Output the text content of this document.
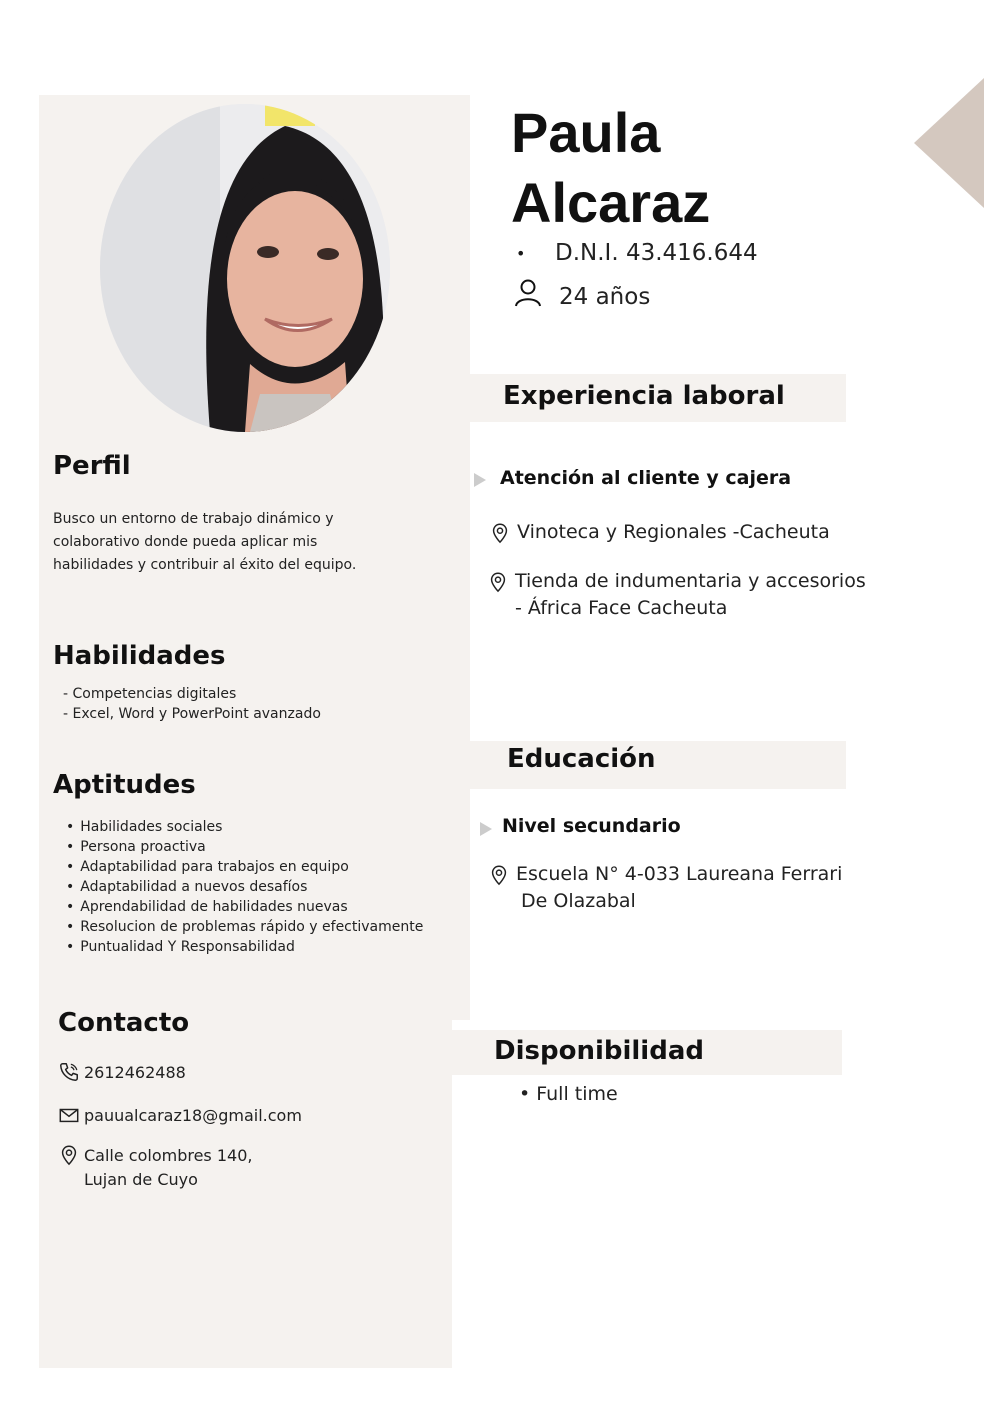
Paula
Alcaraz
• D.N.I. 43.416.644
24 años
Perfil
Busco un entorno de trabajo dinámico y colaborativo donde pueda aplicar mis habilidades y contribuir al éxito del equipo.
Habilidades
- Competencias digitales
- Excel, Word y PowerPoint avanzado
Aptitudes
• Habilidades sociales
• Persona proactiva
• Adaptabilidad para trabajos en equipo
• Adaptabilidad a nuevos desafíos
• Aprendabilidad de habilidades nuevas
• Resolucion de problemas rápido y efectivamente
• Puntualidad Y Responsabilidad
Contacto
2612462488
pauualcaraz18@gmail.com
Calle colombres 140,
Lujan de Cuyo
Experiencia laboral
Atención al cliente y cajera
Vinoteca y Regionales -Cacheuta
Tienda de indumentaria y accesorios
- África Face Cacheuta
Educación
Nivel secundario
Escuela N° 4-033 Laureana Ferrari
De Olazabal
Disponibilidad
• Full time
